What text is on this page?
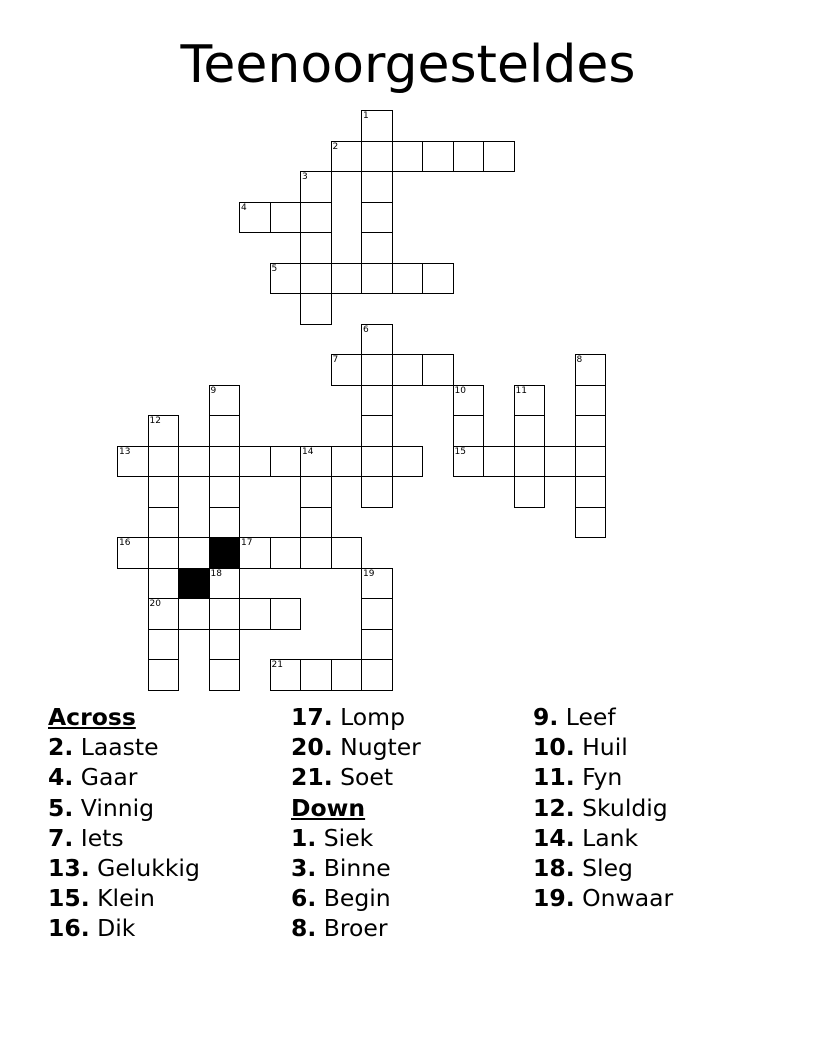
Teenoorgesteldes
1
2
3
4
5
6
7	8
9	10	11
12
13	14	15
16	17
18	19
20
21
Across
2. Laaste
4. Gaar
5. Vinnig
7. Iets
13. Gelukkig
15. Klein
16. Dik
17. Lomp
20. Nugter
21. Soet
Down
1. Siek
3. Binne
6. Begin
8. Broer
9. Leef
10. Huil
11. Fyn
12. Skuldig
14. Lank
18. Sleg
19. Onwaar
